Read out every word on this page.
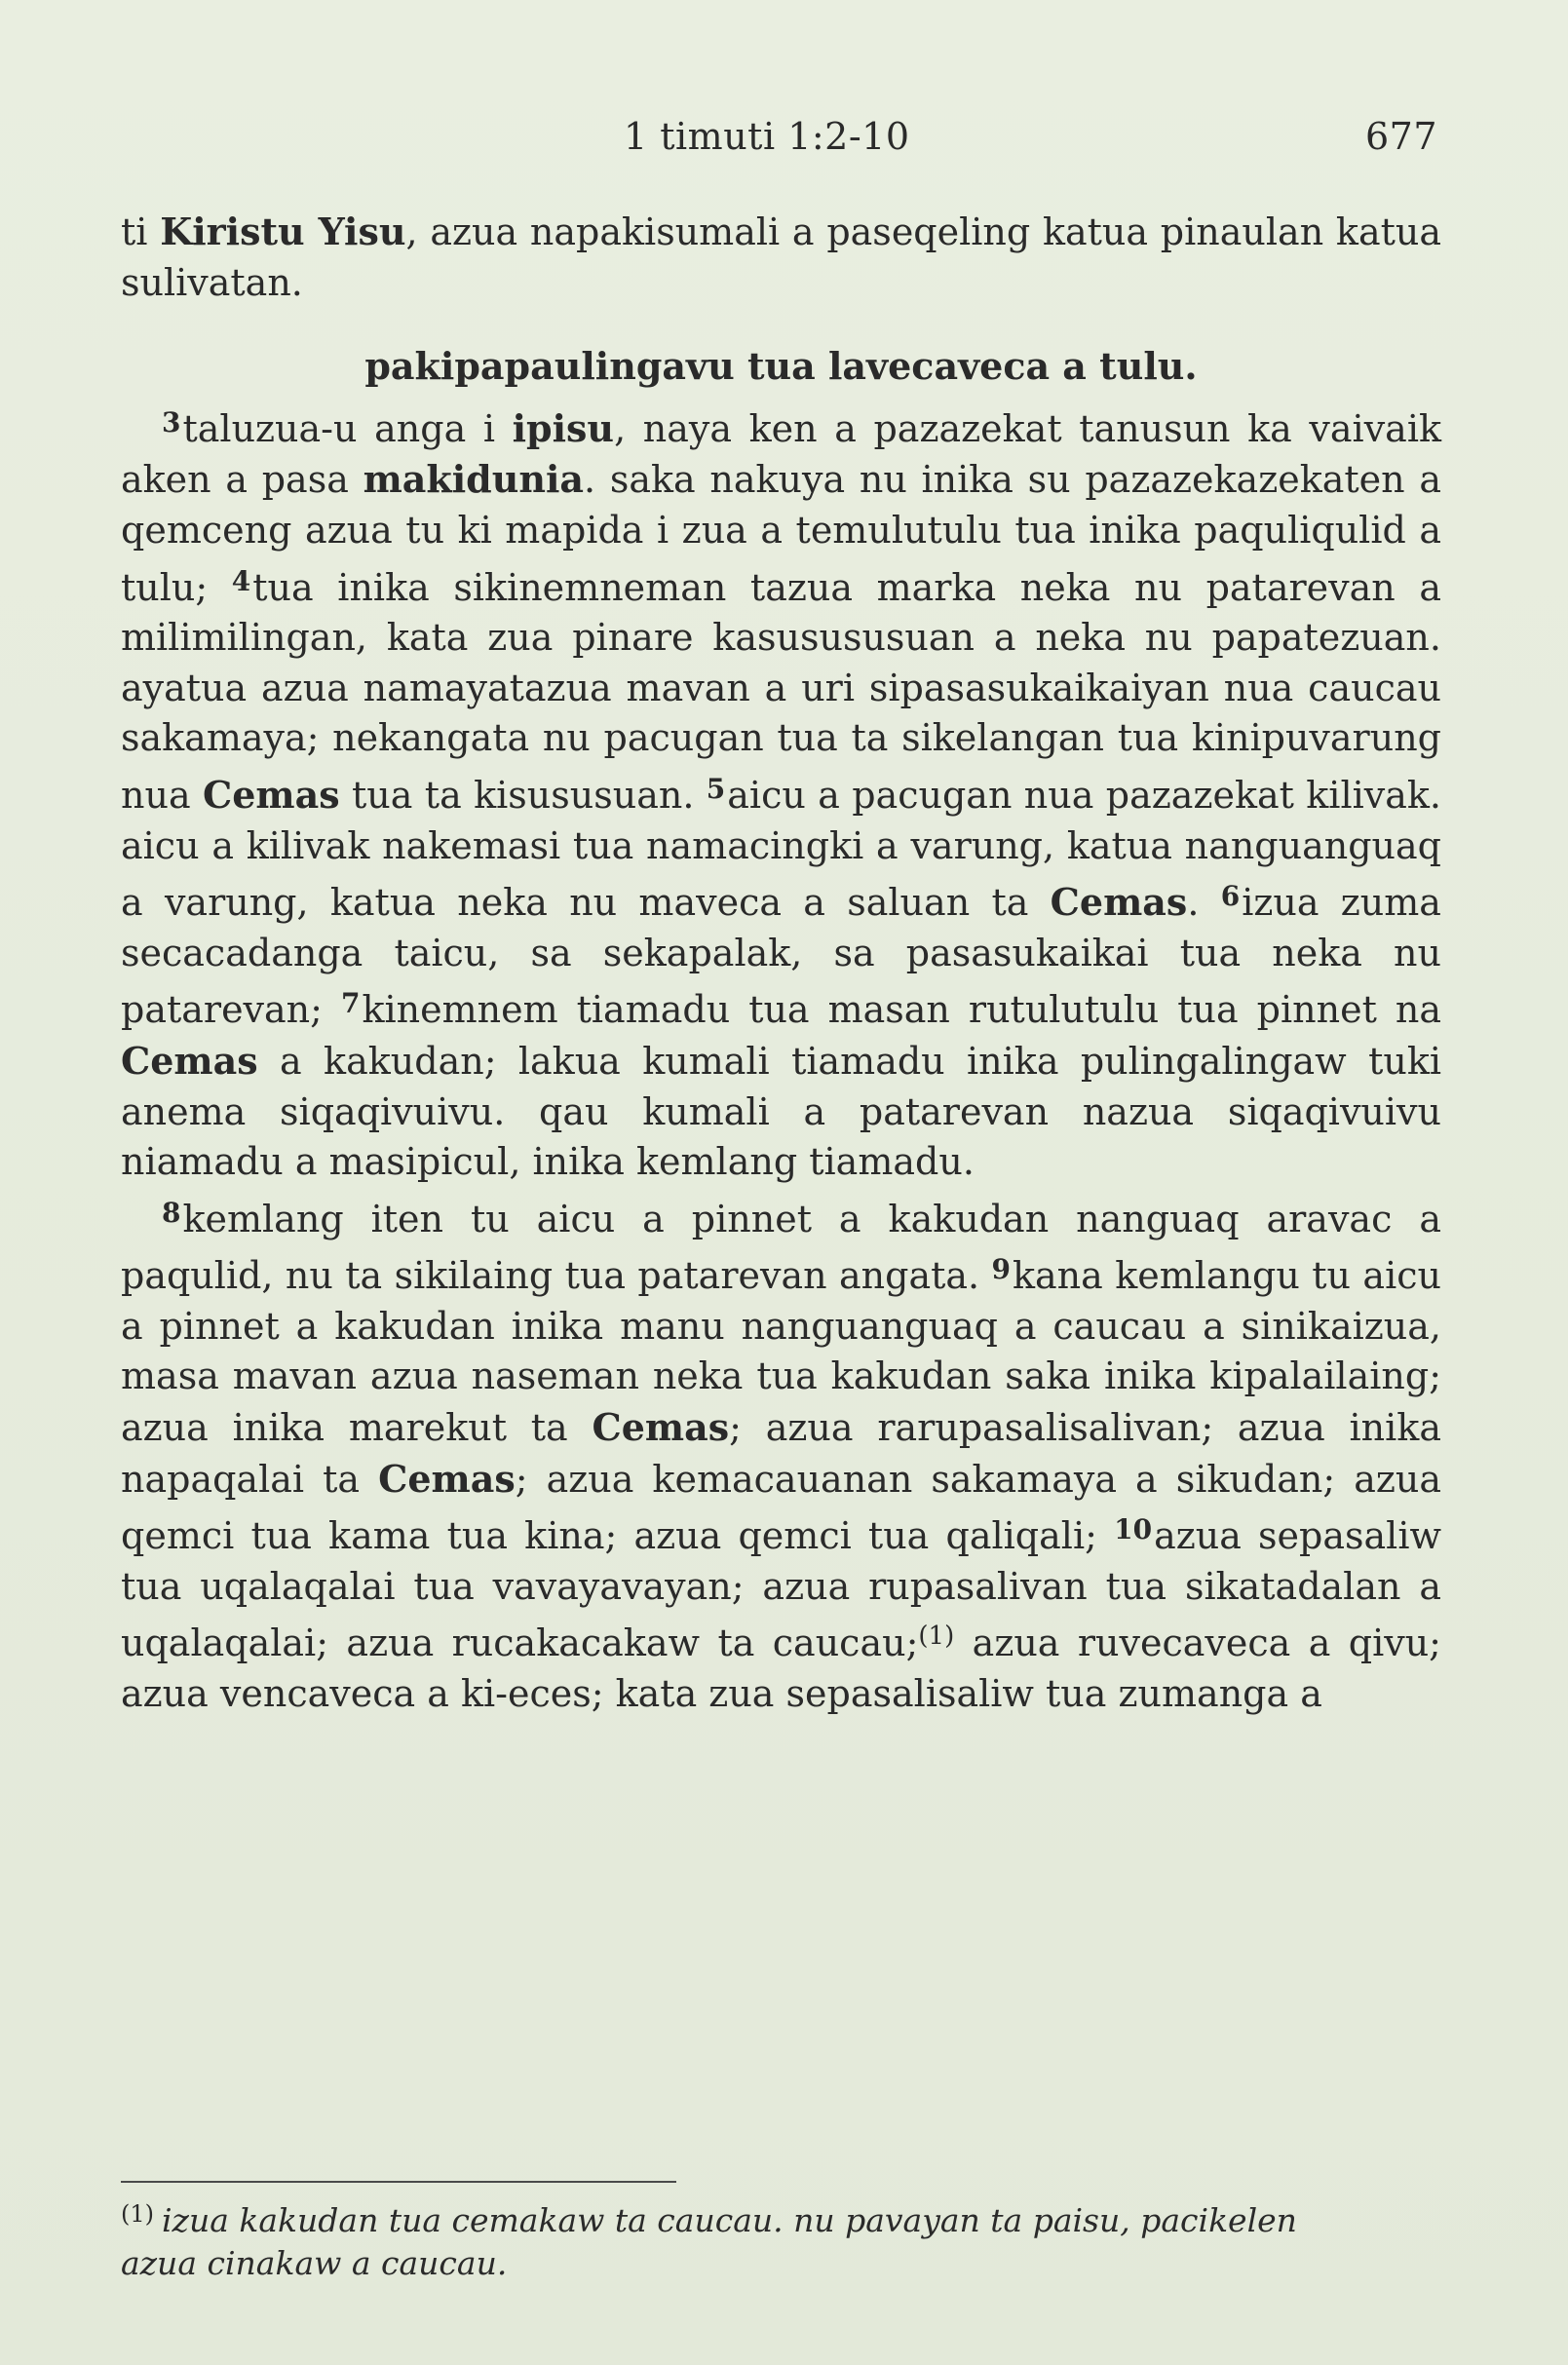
1 timuti 1:2-10	677

ti Kiristu Yisu, azua napakisumali a paseqeling katua pinaulan katua sulivatan.

pakipapaulingavu tua lavecaveca a tulu.

$^3$taluzua-u anga i ipisu, naya ken a pazazekat tanusun ka vaivaik aken a pasa makidunia. saka nakuya nu inika su pazazekazekaten a qemceng azua tu ki mapida i zua a temulutulu tua inika paquliqulid a tulu; $^4$tua inika sikinemneman tazua marka neka nu patarevan a milimilingan, kata zua pinare kasusususuan a neka nu papatezuan. ayatua azua namayatazua mavan a uri sipasasukaikaiyan nua caucau sakamaya; nekangata nu pacugan tua ta sikelangan tua kinipuvarung nua Cemas tua ta kisususuan. $^5$aicu a pacugan nua pazazekat kilivak. aicu a kilivak nakemasi tua namacingki a varung, katua nanguanguaq a varung, katua neka nu maveca a saluan ta Cemas. $^6$izua zuma secacadanga taicu, sa sekapalak, sa pasasukaikai tua neka nu patarevan; $^7$kinemnem tiamadu tua masan rutulutulu tua pinnet na Cemas a kakudan; lakua kumali tiamadu inika pulingalingaw tuki anema siqaqivuivu. qau kumali a patarevan nazua siqaqivuivu niamadu a masipicul, inika kemlang tiamadu.

$^8$kemlang iten tu aicu a pinnet a kakudan nanguaq aravac a paqulid, nu ta sikilaing tua patarevan angata. $^9$kana kemlangu tu aicu a pinnet a kakudan inika manu nanguanguaq a caucau a sinikaizua, masa mavan azua naseman neka tua kakudan saka inika kipalailaing; azua inika marekut ta Cemas; azua rarupasalisalivan; azua inika napaqalai ta Cemas; azua kemacauanan sakamaya a sikudan; azua qemci tua kama tua kina; azua qemci tua qaliqali; $^{10}$azua sepasaliw tua uqalaqalai tua vavayavayan; azua rupasalivan tua sikatadalan a uqalaqalai; azua rucakacakaw ta caucau;$^{(1)}$ azua ruvecaveca a qivu; azua vencaveca a ki-eces; kata zua sepasalisaliw tua zumanga a

$^{(1)}$ izua kakudan tua cemakaw ta caucau. nu pavayan ta paisu, pacikelen azua cinakaw a caucau.
